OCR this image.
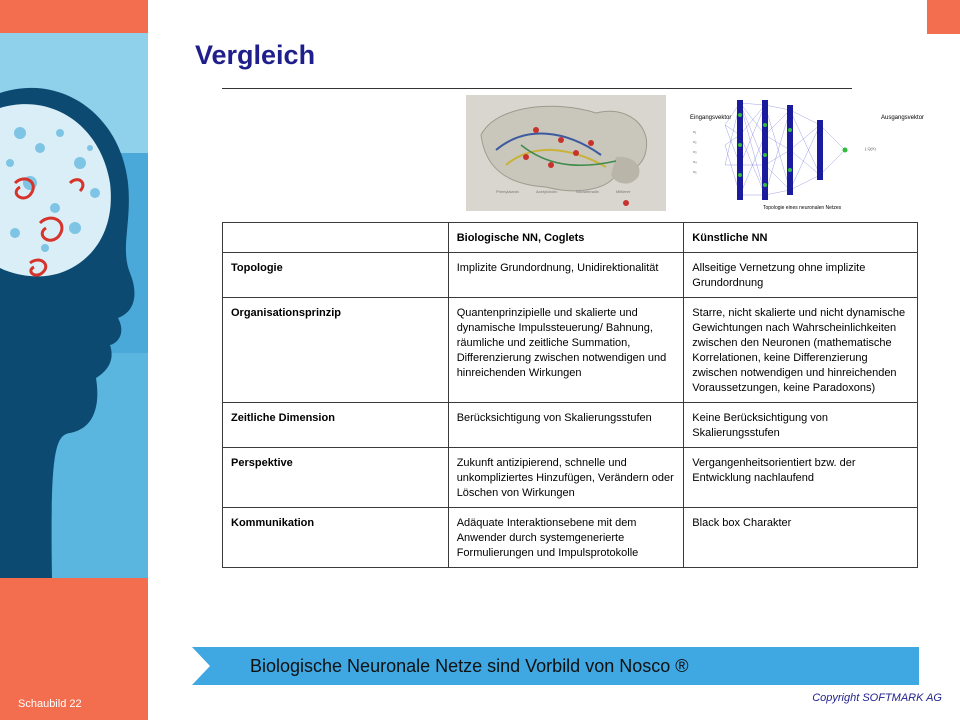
Schaubild 22
Vergleich
Phenylalanin	Acetylcholin	Noradrenalin	Mittlerer
Eingangsvektor	Ausgangsvektor
Topologie eines neuronalen Netzes
x₁
x₂
x₃
x₄
x₅
{ Q(X)
	Biologische NN, Coglets	Künstliche NN
Topologie	Implizite Grundordnung, Unidirektionalität	Allseitige Vernetzung ohne implizite Grundordnung
Organisationsprinzip	Quantenprinzipielle und skalierte und dynamische Impulssteuerung/ Bahnung, räumliche und zeitliche Summation, Differenzierung zwischen notwendigen und hinreichenden Wirkungen	Starre, nicht skalierte und nicht dynamische Gewichtungen nach Wahrscheinlichkeiten zwischen den Neuronen (mathematische Korrelationen, keine Differenzierung zwischen notwendigen und hinreichenden Voraussetzungen, keine Paradoxons)
Zeitliche Dimension	Berücksichtigung von Skalierungsstufen	Keine Berücksichtigung von Skalierungsstufen
Perspektive	Zukunft antizipierend, schnelle und unkompliziertes Hinzufügen, Verändern oder Löschen von Wirkungen	Vergangenheitsorientiert bzw. der Entwicklung nachlaufend
Kommunikation	Adäquate Interaktionsebene mit dem Anwender durch systemgenerierte Formulierungen und Impulsprotokolle	Black box Charakter
Biologische Neuronale Netze sind Vorbild von Nosco ®
Copyright SOFTMARK AG
